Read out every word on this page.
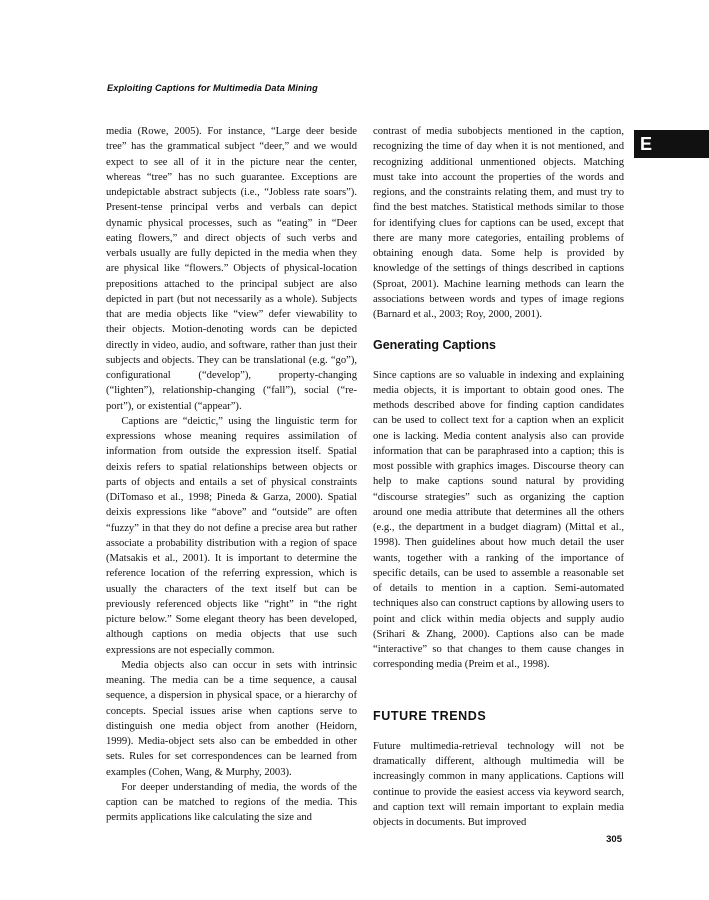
Exploiting Captions for Multimedia Data Mining
E

media (Rowe, 2005). For instance, “Large deer beside tree” has the grammatical subject “deer,” and we would expect to see all of it in the picture near the center, whereas “tree” has no such guarantee. Exceptions are undepictable abstract subjects (i.e., “Jobless rate soars”). Present-tense principal verbs and verbals can depict dynamic physical processes, such as “eating” in “Deer eating flowers,” and direct objects of such verbs and verbals usually are fully depicted in the media when they are physical like “flowers.” Objects of physical-location prepositions attached to the principal subject are also depicted in part (but not necessarily as a whole). Subjects that are media objects like “view” defer viewability to their objects. Motion-denoting words can be depicted directly in video, audio, and software, rather than just their subjects and objects. They can be translational (e.g. “go”), configurational (“develop”), property-changing (“lighten”), relationship-changing (“fall”), social (“report”), or existential (“appear”).

Captions are “deictic,” using the linguistic term for expressions whose meaning requires assimilation of information from outside the expression itself. Spatial deixis refers to spatial relationships between objects or parts of objects and entails a set of physical constraints (DiTomaso et al., 1998; Pineda & Garza, 2000). Spatial deixis expressions like “above” and “outside” are often “fuzzy” in that they do not define a precise area but rather associate a probability distribution with a region of space (Matsakis et al., 2001). It is important to determine the reference location of the referring expression, which is usually the characters of the text itself but can be previously referenced objects like “right” in “the right picture below.” Some elegant theory has been developed, although captions on media objects that use such expressions are not especially common.

Media objects also can occur in sets with intrinsic meaning. The media can be a time sequence, a causal sequence, a dispersion in physical space, or a hierarchy of concepts. Special issues arise when captions serve to distinguish one media object from another (Heidorn, 1999). Media-object sets also can be embedded in other sets. Rules for set correspondences can be learned from examples (Cohen, Wang, & Murphy, 2003).

For deeper understanding of media, the words of the caption can be matched to regions of the media. This permits applications like calculating the size and

contrast of media subobjects mentioned in the caption, recognizing the time of day when it is not mentioned, and recognizing additional unmentioned objects. Matching must take into account the properties of the words and regions, and the constraints relating them, and must try to find the best matches. Statistical methods similar to those for identifying clues for captions can be used, except that there are many more categories, entailing problems of obtaining enough data. Some help is provided by knowledge of the settings of things described in captions (Sproat, 2001). Machine learning methods can learn the associations between words and types of image regions (Barnard et al., 2003; Roy, 2000, 2001).

Generating Captions

Since captions are so valuable in indexing and explaining media objects, it is important to obtain good ones. The methods described above for finding caption candidates can be used to collect text for a caption when an explicit one is lacking. Media content analysis also can provide information that can be paraphrased into a caption; this is most possible with graphics images. Discourse theory can help to make captions sound natural by providing “discourse strategies” such as organizing the caption around one media attribute that determines all the others (e.g., the department in a budget diagram) (Mittal et al., 1998). Then guidelines about how much detail the user wants, together with a ranking of the importance of specific details, can be used to assemble a reasonable set of details to mention in a caption. Semi-automated techniques also can construct captions by allowing users to point and click within media objects and supply audio (Srihari & Zhang, 2000). Captions also can be made “interactive” so that changes to them cause changes in corresponding media (Preim et al., 1998).

FUTURE TRENDS

Future multimedia-retrieval technology will not be dramatically different, although multimedia will be increasingly common in many applications. Captions will continue to provide the easiest access via keyword search, and caption text will remain important to explain media objects in documents. But improved

305
